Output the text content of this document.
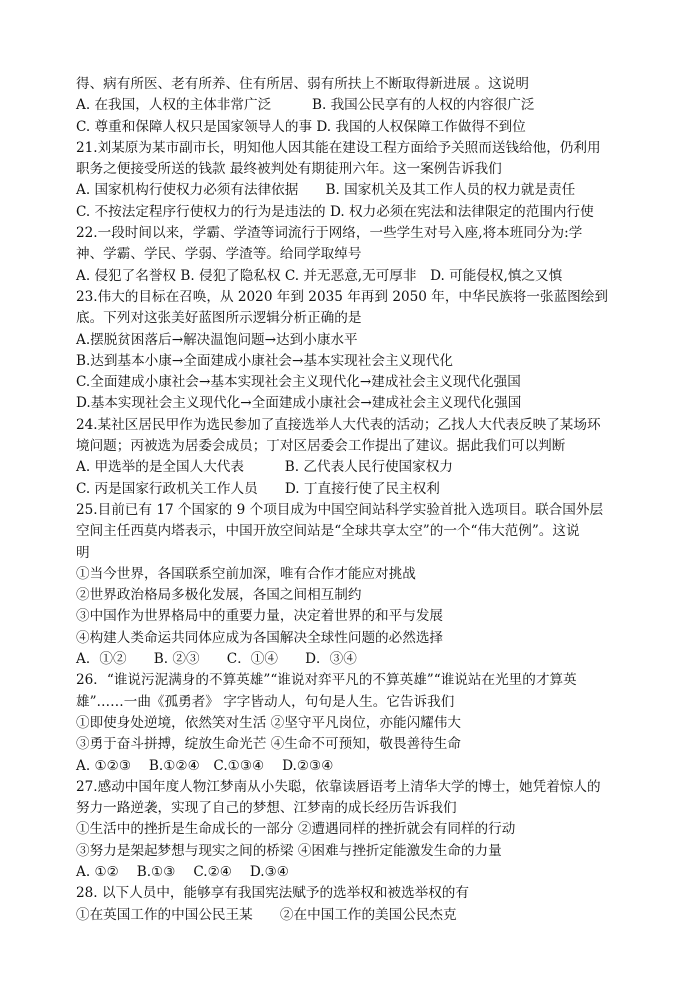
得、病有所医、老有所养、住有所居、弱有所扶上不断取得新进展 。这说明
A. 在我国，人权的主体非常广泛　　　B. 我国公民享有的人权的内容很广泛
C. 尊重和保障人权只是国家领导人的事 D. 我国的人权保障工作做得不到位
21.刘某原为某市副市长，明知他人因其能在建设工程方面给予关照而送钱给他，仍利用
职务之便接受所送的钱款 最终被判处有期徒刑六年。这一案例告诉我们
A. 国家机构行使权力必须有法律依据　　B. 国家机关及其工作人员的权力就是责任
C. 不按法定程序行使权力的行为是违法的 D. 权力必须在宪法和法律限定的范围内行使
22.一段时间以来，学霸、学渣等词流行于网络，一些学生对号入座,将本班同分为:学
神、学霸、学民、学弱、学渣等。给同学取绰号
A. 侵犯了名誉权 B. 侵犯了隐私权 C. 并无恶意,无可厚非　D. 可能侵权,慎之又慎
23.伟大的目标在召唤，从 2020 年到 2035 年再到 2050 年，中华民族将一张蓝图绘到
底。下列对这张美好蓝图所示逻辑分析正确的是
A.摆脱贫困落后→解决温饱问题→达到小康水平
B.达到基本小康→全面建成小康社会→基本实现社会主义现代化
C.全面建成小康社会→基本实现社会主义现代化→建成社会主义现代化强国
D.基本实现社会主义现代化→全面建成小康社会→建成社会主义现代化强国
24.某社区居民甲作为选民参加了直接选举人大代表的活动；乙找人大代表反映了某场环
境问题；丙被选为居委会成员；丁对区居委会工作提出了建议。据此我们可以判断
A. 甲选举的是全国人大代表　　　B. 乙代表人民行使国家权力
C. 丙是国家行政机关工作人员　　D. 丁直接行使了民主权利
25.目前已有 17 个国家的 9 个项目成为中国空间站科学实验首批入选项目。联合国外层
空间主任西莫内塔表示，中国开放空间站是“全球共享太空”的一个“伟大范例”。这说
明
①当今世界，各国联系空前加深，唯有合作才能应对挑战
②世界政治格局多极化发展，各国之间相互制约
③中国作为世界格局中的重要力量，决定着世界的和平与发展
④构建人类命运共同体应成为各国解决全球性问题的必然选择
A．①②　　B. ②③　　C．①④　　D．③④
26．“谁说污泥满身的不算英雄”“谁说对弈平凡的不算英雄”“谁说站在光里的才算英
雄”……一曲《孤勇者》 字字皆动人，句句是人生。它告诉我们
①即使身处逆境，依然笑对生活 ②坚守平凡岗位，亦能闪耀伟大
③勇于奋斗拼搏，绽放生命光芒 ④生命不可预知，敬畏善待生命
A. ①②③　 B.①②④　C.①③④　 D.②③④
27.感动中国年度人物江梦南从小失聪，依靠读唇语考上清华大学的博士，她凭着惊人的
努力一路逆袭，实现了自己的梦想、江梦南的成长经历告诉我们
①生活中的挫折是生命成长的一部分 ②遭遇同样的挫折就会有同样的行动
③努力是架起梦想与现实之间的桥梁 ④困难与挫折定能激发生命的力量
A. ①②　 B.①③　 C.②④　 D.③④
28. 以下人员中，能够享有我国宪法赋予的选举权和被选举权的有
①在英国工作的中国公民王某　　②在中国工作的美国公民杰克
